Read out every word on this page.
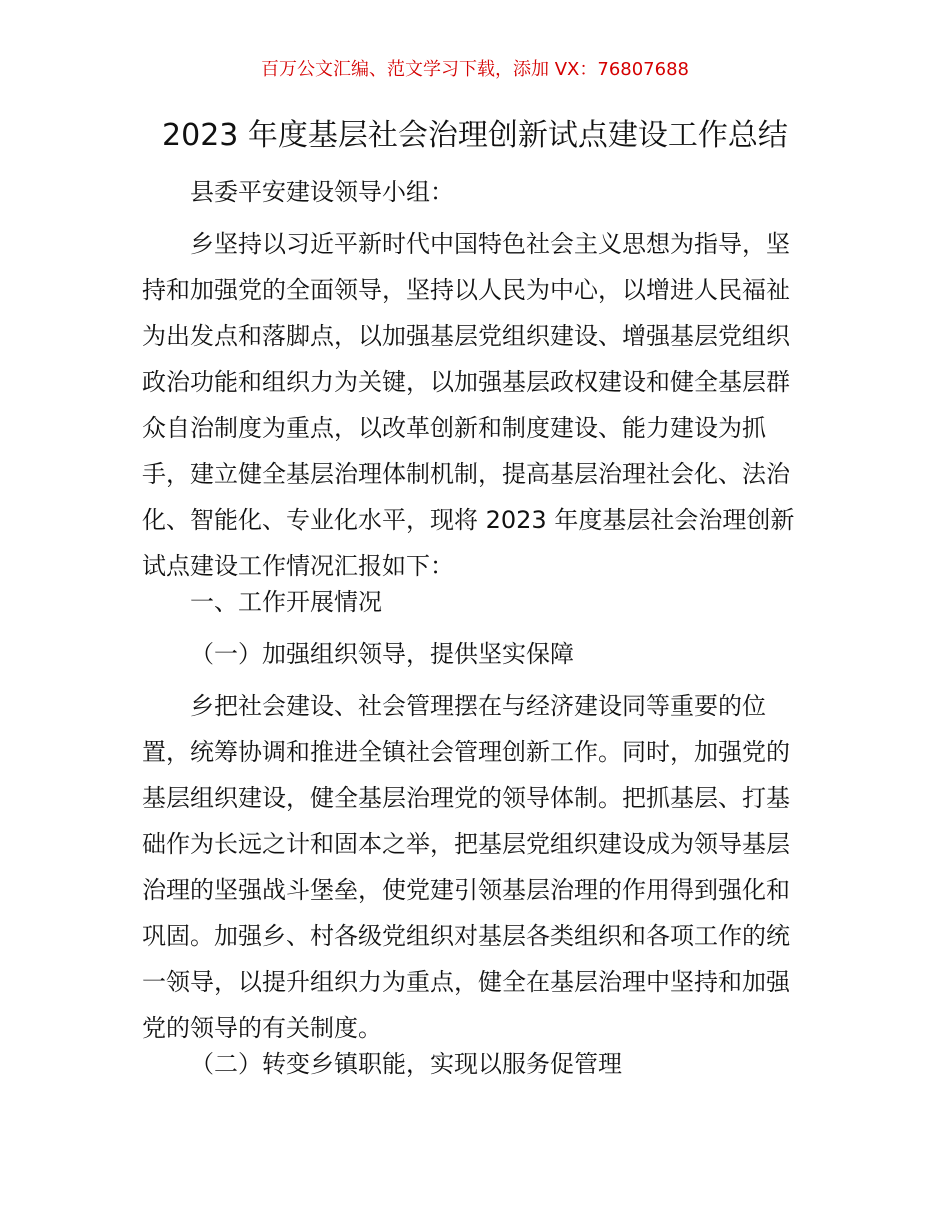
百万公文汇编、范文学习下载，添加 VX：76807688
2023 年度基层社会治理创新试点建设工作总结
县委平安建设领导小组：
乡坚持以习近平新时代中国特色社会主义思想为指导，坚
持和加强党的全面领导，坚持以人民为中心，以增进人民福祉
为出发点和落脚点，以加强基层党组织建设、增强基层党组织
政治功能和组织力为关键，以加强基层政权建设和健全基层群
众自治制度为重点，以改革创新和制度建设、能力建设为抓
手，建立健全基层治理体制机制，提高基层治理社会化、法治
化、智能化、专业化水平，现将 2023 年度基层社会治理创新
试点建设工作情况汇报如下：
一、工作开展情况
（一）加强组织领导，提供坚实保障
乡把社会建设、社会管理摆在与经济建设同等重要的位
置，统筹协调和推进全镇社会管理创新工作。同时，加强党的
基层组织建设，健全基层治理党的领导体制。把抓基层、打基
础作为长远之计和固本之举，把基层党组织建设成为领导基层
治理的坚强战斗堡垒，使党建引领基层治理的作用得到强化和
巩固。加强乡、村各级党组织对基层各类组织和各项工作的统
一领导，以提升组织力为重点，健全在基层治理中坚持和加强
党的领导的有关制度。
（二）转变乡镇职能，实现以服务促管理
